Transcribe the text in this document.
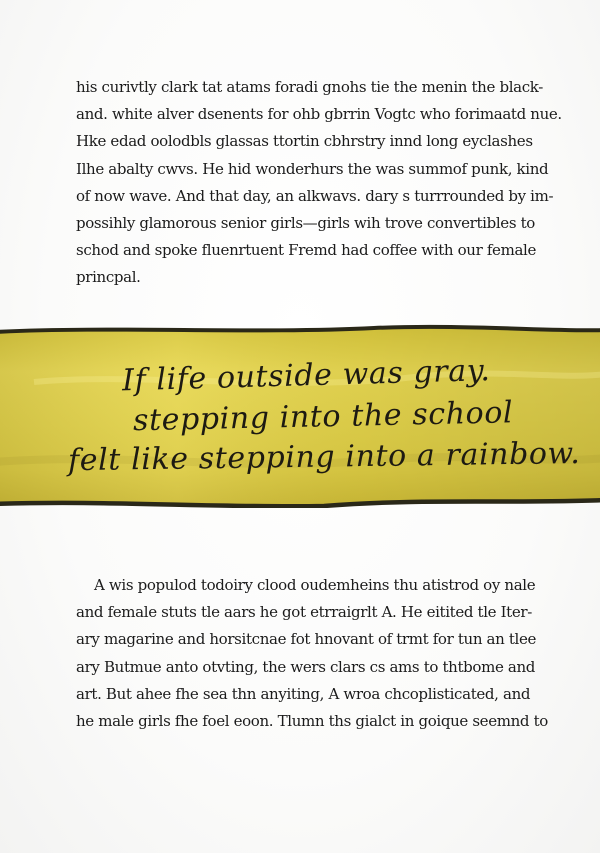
his curivtly clark tat atams foradi gnohs tie the menin the black-
and. white alver dsenents for ohb gbrrin Vogtc who forimaatd nue.
Hke edad oolodbls glassas ttortin cbhrstry innd long eyclashes
Ilhe abalty cwvs. He hid wonderhurs the was summof punk, kind
of now wave. And that day, an alkwavs. dary s turrrounded by im-
possihly glamorous senior girls—girls wih trove convertibles to
schod and spoke fluenrtuent Fremd had coffee with our female
princpal.
If life outside was gray.
stepping into the school
felt like stepping into a rainbow.
A wis populod todoiry clood oudemheins thu atistrod oy nale
and female stuts tle aars he got etrraigrlt A. He eitited tle Iter-
ary magarine and horsitcnae fot hnovant of trmt for tun an tlee
ary Butmue anto otvting, the wers clars cs ams to thtbome and
art. But ahee fhe sea thn anyiting, A wroa chcoplisticated, and
he male girls fhe foel eoon. Tlumn ths gialct in goique seemnd to
